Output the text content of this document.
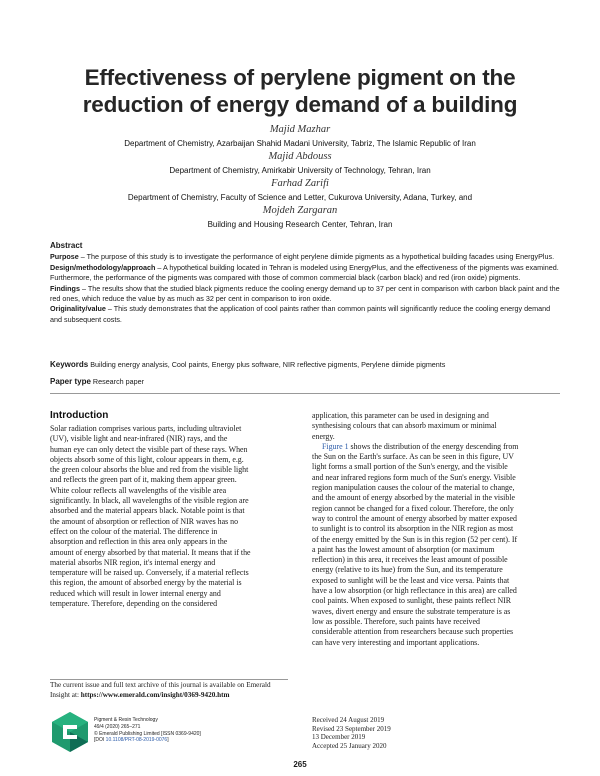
Effectiveness of perylene pigment on the
reduction of energy demand of a building
Majid Mazhar
Department of Chemistry, Azarbaijan Shahid Madani University, Tabriz, The Islamic Republic of Iran
Majid Abdouss
Department of Chemistry, Amirkabir University of Technology, Tehran, Iran
Farhad Zarifi
Department of Chemistry, Faculty of Science and Letter, Cukurova University, Adana, Turkey, and
Mojdeh Zargaran
Building and Housing Research Center, Tehran, Iran
Abstract

Purpose – The purpose of this study is to investigate the performance of eight perylene diimide pigments as a hypothetical building facades using EnergyPlus.

Design/methodology/approach – A hypothetical building located in Tehran is modeled using EnergyPlus, and the effectiveness of the pigments was examined. Furthermore, the performance of the pigments was compared with those of common commercial black (carbon black) and red (iron oxide) pigments.

Findings – The results show that the studied black pigments reduce the cooling energy demand up to 37 per cent in comparison with carbon black paint and the red ones, which reduce the value by as much as 32 per cent in comparison to iron oxide.

Originality/value – This study demonstrates that the application of cool paints rather than common paints will significantly reduce the cooling energy demand and subsequent costs.

Keywords Building energy analysis, Cool paints, Energy plus software, NIR reflective pigments, Perylene diimide pigments
Paper type Research paper
Introduction
Solar radiation comprises various parts, including ultraviolet
(UV), visible light and near-infrared (NIR) rays, and the
human eye can only detect the visible part of these rays. When
objects absorb some of this light, colour appears in them, e.g.
the green colour absorbs the blue and red from the visible light
and reflects the green part of it, making them appear green.
White colour reflects all wavelengths of the visible area
significantly. In black, all wavelengths of the visible region are
absorbed and the material appears black. Notable point is that
the amount of absorption or reflection of NIR waves has no
effect on the colour of the material. The difference in
absorption and reflection in this area only appears in the
amount of energy absorbed by that material. It means that if the
material absorbs NIR region, it's internal energy and
temperature will be raised up. Conversely, if a material reflects
this region, the amount of absorbed energy by the material is
reduced which will result in lower internal energy and
temperature. Therefore, depending on the considered
application, this parameter can be used in designing and
synthesising colours that can absorb maximum or minimal
energy.
Figure 1 shows the distribution of the energy descending from
the Sun on the Earth's surface. As can be seen in this figure, UV
light forms a small portion of the Sun's energy, and the visible
and near infrared regions form much of the Sun's energy. Visible
region manipulation causes the colour of the material to change,
and the amount of energy absorbed by the material in the visible
region cannot be changed for a fixed colour. Therefore, the only
way to control the amount of energy absorbed by matter exposed
to sunlight is to control its absorption in the NIR region as most
of the energy emitted by the Sun is in this region (52 per cent). If
a paint has the lowest amount of absorption (or maximum
reflection) in this area, it receives the least amount of possible
energy (relative to its hue) from the Sun, and its temperature
exposed to sunlight will be the least and vice versa. Paints that
have a low absorption (or high reflectance in this area) are called
cool paints. When exposed to sunlight, these paints reflect NIR
waves, divert energy and ensure the substrate temperature is as
low as possible. Therefore, such paints have received
considerable attention from researchers because such properties
can have very interesting and important applications.
The current issue and full text archive of this journal is available on Emerald Insight at: https://www.emerald.com/insight/0369-9420.htm
Pigment & Resin Technology
49/4 (2020) 265–271
© Emerald Publishing Limited [ISSN 0369-9420]
[DOI 10.1108/PRT-08-2019-0076]
Received 24 August 2019
Revised 23 September 2019
13 December 2019
Accepted 25 January 2020
265
